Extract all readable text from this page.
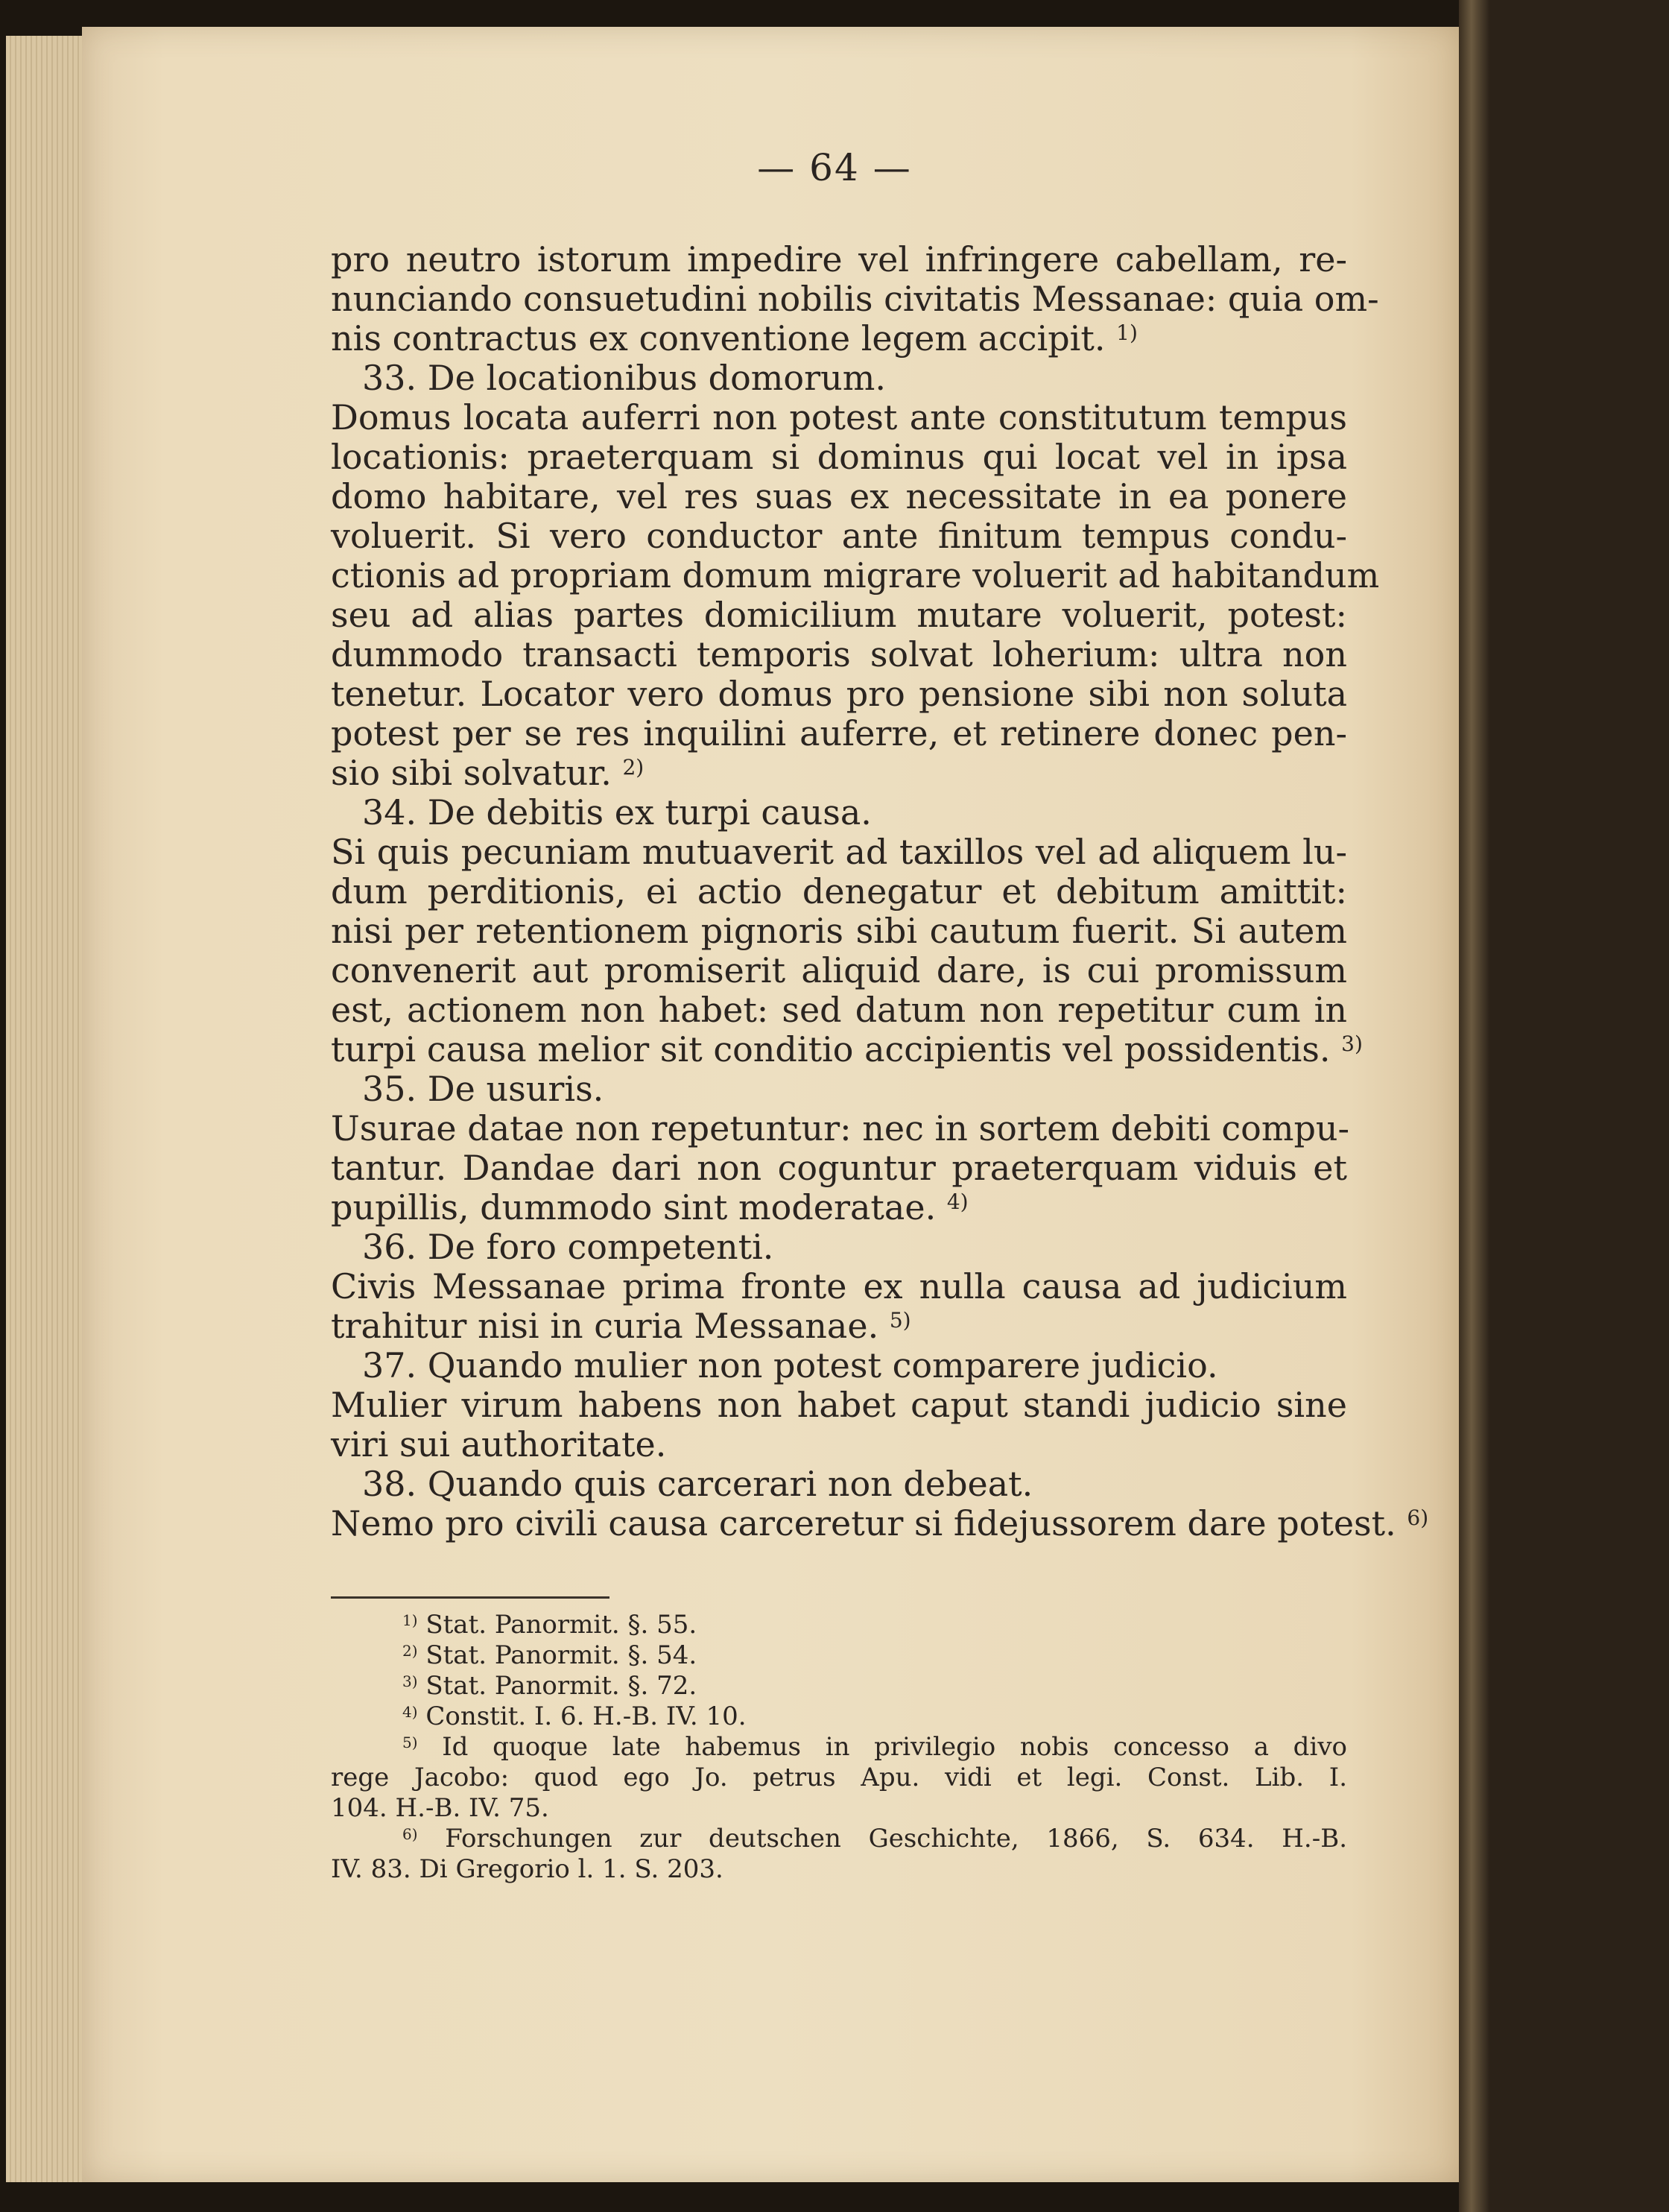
— 64 —
pro neutro istorum impedire vel infringere cabellam, re-
nunciando consuetudini nobilis civitatis Messanae: quia om-
nis contractus ex conventione legem accipit. $^{1)}$
33. De locationibus domorum.
Domus locata auferri non potest ante constitutum tempus
locationis: praeterquam si dominus qui locat vel in ipsa
domo habitare, vel res suas ex necessitate in ea ponere
voluerit. Si vero conductor ante finitum tempus condu-
ctionis ad propriam domum migrare voluerit ad habitandum
seu ad alias partes domicilium mutare voluerit, potest:
dummodo transacti temporis solvat loherium: ultra non
tenetur. Locator vero domus pro pensione sibi non soluta
potest per se res inquilini auferre, et retinere donec pen-
sio sibi solvatur. $^{2)}$
34. De debitis ex turpi causa.
Si quis pecuniam mutuaverit ad taxillos vel ad aliquem lu-
dum perditionis, ei actio denegatur et debitum amittit:
nisi per retentionem pignoris sibi cautum fuerit. Si autem
convenerit aut promiserit aliquid dare, is cui promissum
est, actionem non habet: sed datum non repetitur cum in
turpi causa melior sit conditio accipientis vel possidentis. $^{3)}$
35. De usuris.
Usurae datae non repetuntur: nec in sortem debiti compu-
tantur. Dandae dari non coguntur praeterquam viduis et
pupillis, dummodo sint moderatae. $^{4)}$
36. De foro competenti.
Civis Messanae prima fronte ex nulla causa ad judicium
trahitur nisi in curia Messanae. $^{5)}$
37. Quando mulier non potest comparere judicio.
Mulier virum habens non habet caput standi judicio sine
viri sui authoritate.
38. Quando quis carcerari non debeat.
Nemo pro civili causa carceretur si fidejussorem dare potest. $^{6)}$
$^{1)}$ Stat. Panormit. §. 55.
$^{2)}$ Stat. Panormit. §. 54.
$^{3)}$ Stat. Panormit. §. 72.
$^{4)}$ Constit. I. 6. H.-B. IV. 10.
$^{5)}$ Id quoque late habemus in privilegio nobis concesso a divo
rege Jacobo: quod ego Jo. petrus Apu. vidi et legi. Const. Lib. I.
104. H.-B. IV. 75.
$^{6)}$ Forschungen zur deutschen Geschichte, 1866, S. 634. H.-B.
IV. 83. Di Gregorio l. 1. S. 203.
